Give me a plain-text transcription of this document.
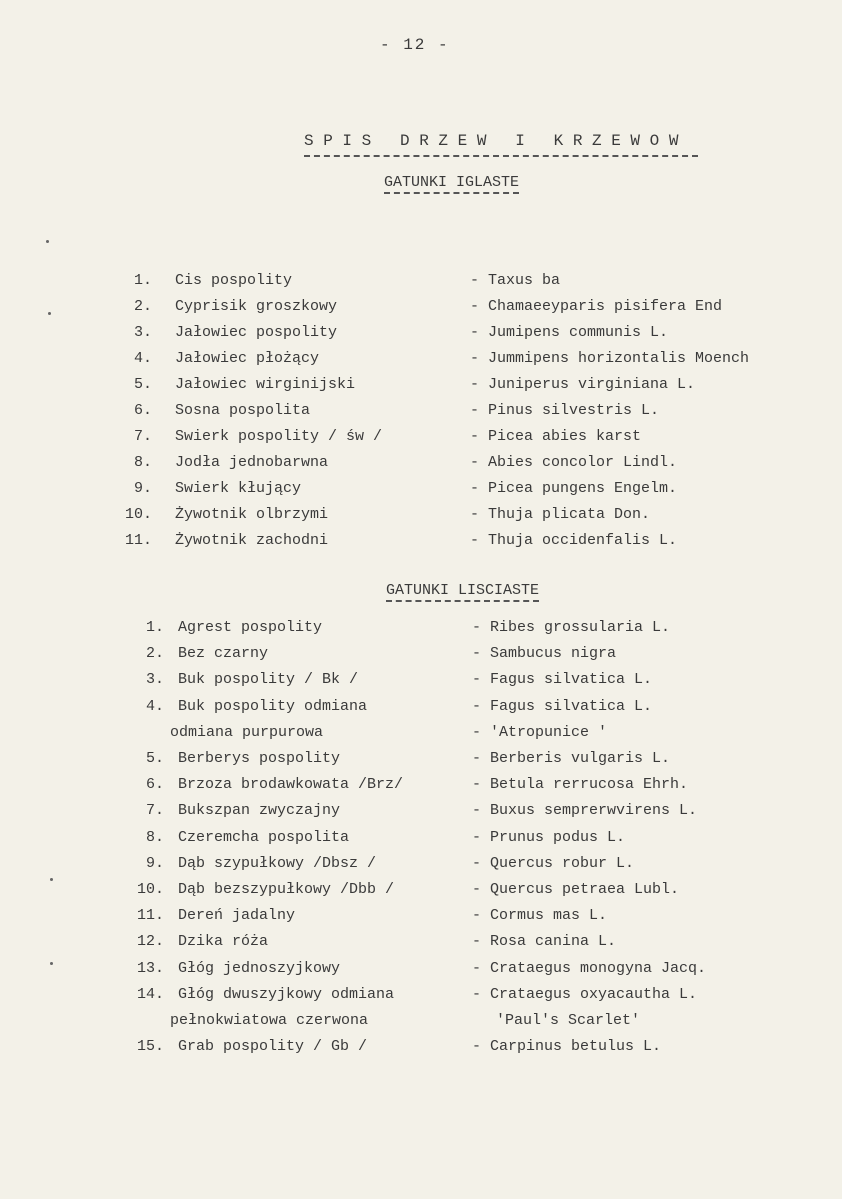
- 12 -
SPIS DRZEW I KRZEWOW
GATUNKI IGLASTE
1. Cis pospolity	- Taxus ba
2. Cyprisik groszkowy	- Chamaeeyparis pisifera End
3. Jałowiec pospolity	- Jumipens communis L.
4. Jałowiec płożący	- Jummipens horizontalis Moench
5. Jałowiec wirginijski	- Juniperus virginiana L.
6. Sosna pospolita	- Pinus silvestris L.
7. Swierk pospolity / św /	- Picea abies karst
8. Jodła jednobarwna	- Abies concolor Lindl.
9. Swierk kłujący	- Picea pungens Engelm.
10. Żywotnik olbrzymi	- Thuja plicata Don.
11. Żywotnik zachodni	- Thuja occidenfalis L.
GATUNKI LISCIASTE
1. Agrest pospolity	- Ribes grossularia L.
2. Bez czarny	- Sambucus nigra
3. Buk pospolity / Bk /	- Fagus silvatica L.
4. Buk pospolity odmiana	- Fagus silvatica L.
odmiana purpurowa	- 'Atropunice '
5. Berberys pospolity	- Berberis vulgaris L.
6. Brzoza brodawkowata /Brz/	- Betula rerrucosa Ehrh.
7. Bukszpan zwyczajny	- Buxus semprerwvirens L.
8. Czeremcha pospolita	- Prunus podus L.
9. Dąb szypułkowy /Dbsz /	- Quercus robur L.
10. Dąb bezszypułkowy /Dbb /	- Quercus petraea Lubl.
11. Dereń jadalny	- Cormus mas L.
12. Dzika róża	- Rosa canina L.
13. Głóg jednoszyjkowy	- Crataegus monogyna Jacq.
14. Głóg dwuszyjkowy odmiana	- Crataegus oxyacautha L.
pełnokwiatowa czerwona	'Paul's Scarlet'
15. Grab pospolity / Gb /	- Carpinus betulus L.
